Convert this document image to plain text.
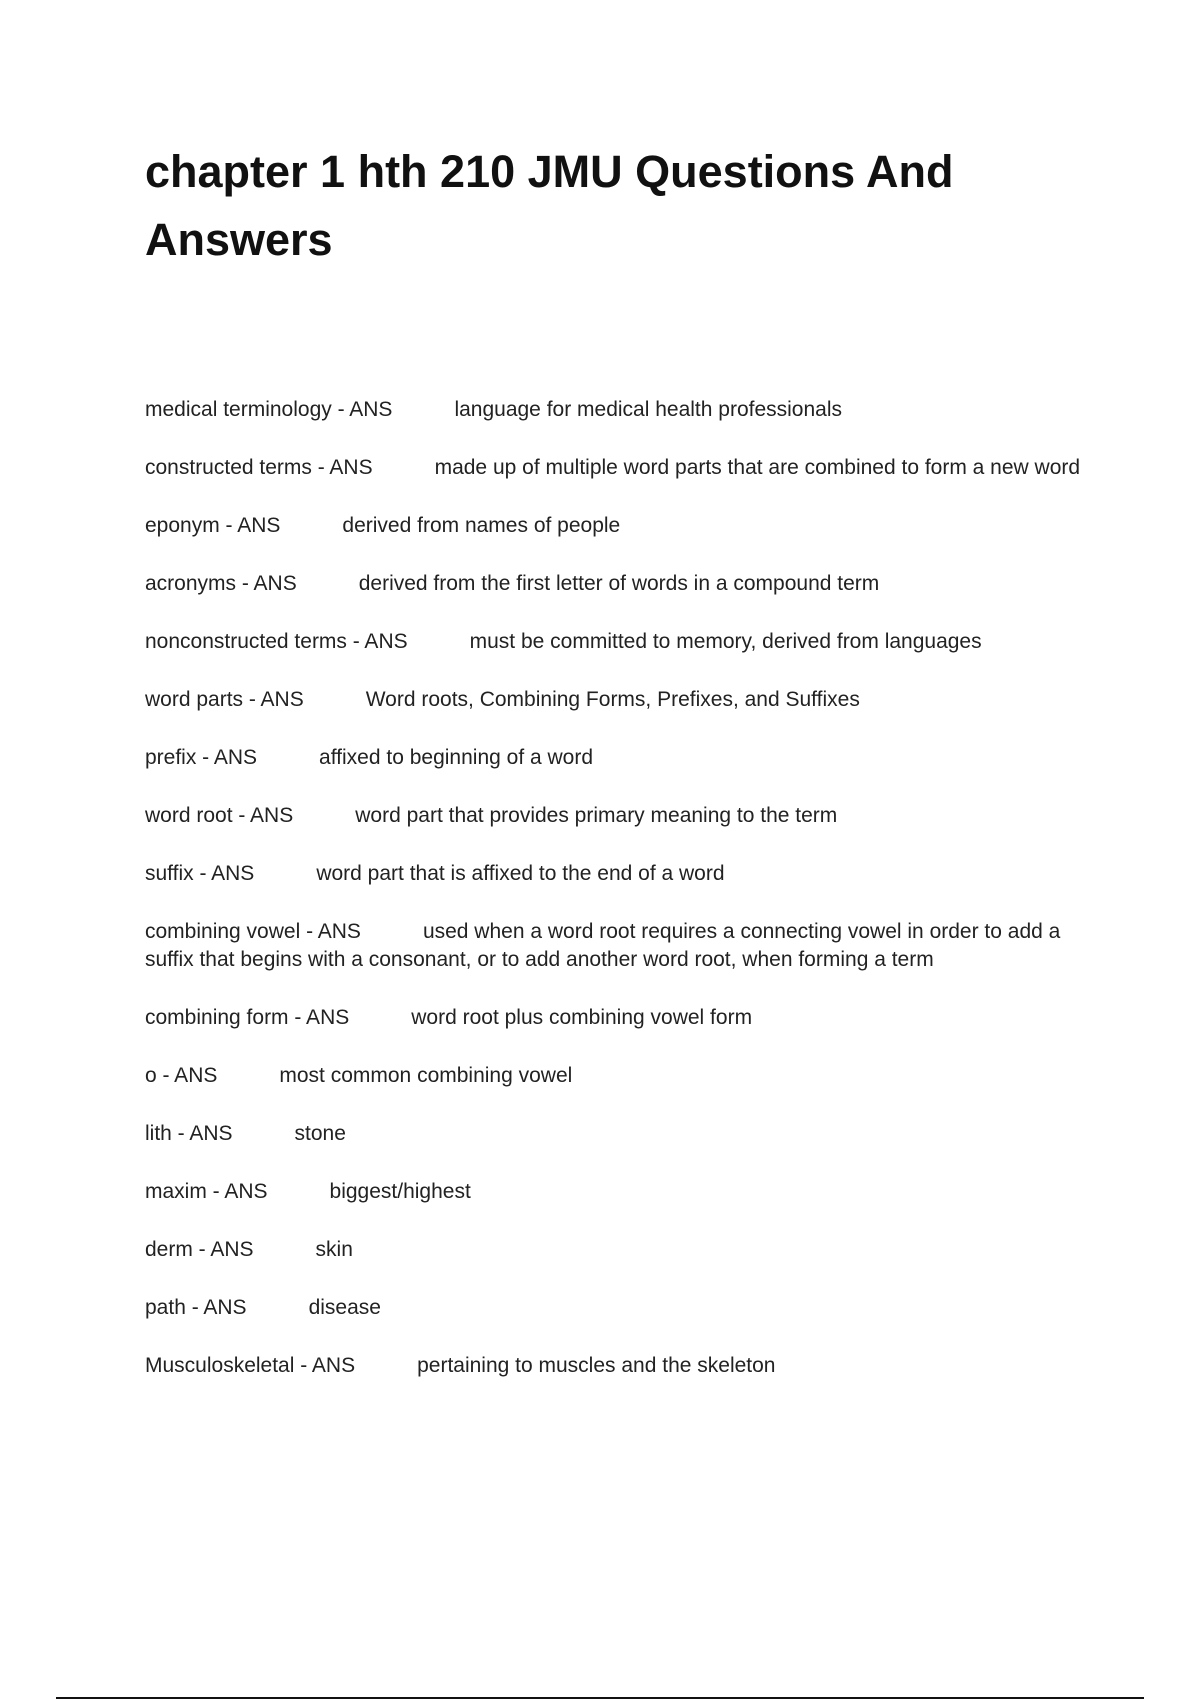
chapter 1 hth 210 JMU Questions And Answers
medical terminology - ANS	language for medical health professionals
constructed terms - ANS	made up of multiple word parts that are combined to form a new word
eponym - ANS	derived from names of people
acronyms - ANS	derived from the first letter of words in a compound term
nonconstructed terms - ANS	must be committed to memory, derived from languages
word parts - ANS	Word roots, Combining Forms, Prefixes, and Suffixes
prefix - ANS	affixed to beginning of a word
word root - ANS	word part that provides primary meaning to the term
suffix - ANS	word part that is affixed to the end of a word
combining vowel - ANS	used when a word root requires a connecting vowel in order to add a suffix that begins with a consonant, or to add another word root, when forming a term
combining form - ANS	word root plus combining vowel form
o - ANS	most common combining vowel
lith - ANS	stone
maxim - ANS	biggest/highest
derm - ANS	skin
path - ANS	disease
Musculoskeletal - ANS	pertaining to muscles and the skeleton
